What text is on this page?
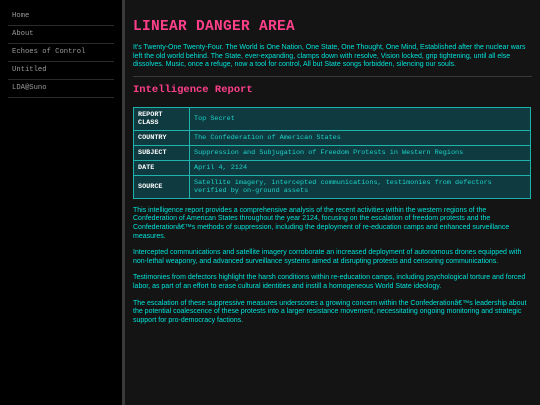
Home
About
Echoes of Control
Untitled
LDA@Suno
LINEAR DANGER AREA

It's Twenty-One Twenty-Four. The World is One Nation, One State, One Thought, One Mind, Established after the nuclear wars left the old world behind. The State, ever-expanding, clamps down with resolve, Vision locked, grip tightening, until all else dissolves. Music, once a refuge, now a tool for control, All but State songs forbidden, silencing our souls.

Intelligence Report
REPORT CLASS	Top Secret
COUNTRY	The Confederation of American States
SUBJECT	Suppression and Subjugation of Freedom Protests in Western Regions
DATE	April 4, 2124
SOURCE	Satellite imagery, intercepted communications, testimonies from defectors verified by on-ground assets

This intelligence report provides a comprehensive analysis of the recent activities within the western regions of the Confederation of American States throughout the year 2124, focusing on the escalation of freedom protests and the Confederationâ€™s methods of suppression, including the deployment of re-education camps and enhanced surveillance measures.

Intercepted communications and satellite imagery corroborate an increased deployment of autonomous drones equipped with non-lethal weaponry, and advanced surveillance systems aimed at disrupting protests and censoring communications.

Testimonies from defectors highlight the harsh conditions within re-education camps, including psychological torture and forced labor, as part of an effort to erase cultural identities and instill a homogeneous World State ideology.

The escalation of these suppressive measures underscores a growing concern within the Confederationâ€™s leadership about the potential coalescence of these protests into a larger resistance movement, necessitating ongoing monitoring and strategic support for pro-democracy factions.
